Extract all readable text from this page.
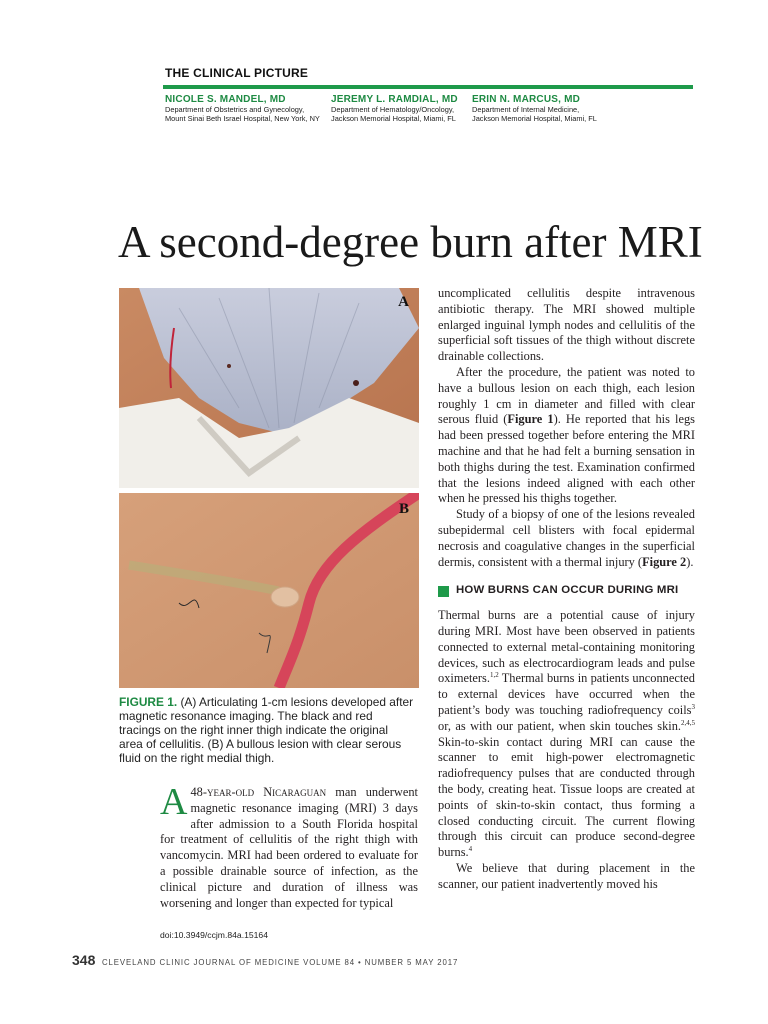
THE CLINICAL PICTURE
NICOLE S. MANDEL, MD
Department of Obstetrics and Gynecology,
Mount Sinai Beth Israel Hospital, New York, NY
JEREMY L. RAMDIAL, MD
Department of Hematology/Oncology,
Jackson Memorial Hospital, Miami, FL
ERIN N. MARCUS, MD
Department of Internal Medicine,
Jackson Memorial Hospital, Miami, FL
A second-degree burn after MRI
A
B
FIGURE 1. (A) Articulating 1-cm lesions developed after magnetic resonance imaging. The black and red tracings on the right inner thigh indicate the original area of cellulitis. (B) A bullous lesion with clear serous fluid on the right medial thigh.

A 48-year-old Nicaraguan man underwent magnetic resonance imaging (MRI) 3 days after admission to a South Florida hospital for treatment of cellulitis of the right thigh with vancomycin. MRI had been ordered to evaluate for a possible drainable source of infection, as the clinical picture and duration of illness was worsening and longer than expected for typical

doi:10.3949/ccjm.84a.15164

uncomplicated cellulitis despite intravenous antibiotic therapy. The MRI showed multiple enlarged inguinal lymph nodes and cellulitis of the superficial soft tissues of the thigh without discrete drainable collections.

After the procedure, the patient was noted to have a bullous lesion on each thigh, each lesion roughly 1 cm in diameter and filled with clear serous fluid (Figure 1). He reported that his legs had been pressed together before entering the MRI machine and that he had felt a burning sensation in both thighs during the test. Examination confirmed that the lesions indeed aligned with each other when he pressed his thighs together.

Study of a biopsy of one of the lesions revealed subepidermal cell blisters with focal epidermal necrosis and coagulative changes in the superficial dermis, consistent with a thermal injury (Figure 2).

HOW BURNS CAN OCCUR DURING MRI

Thermal burns are a potential cause of injury during MRI. Most have been observed in patients connected to external metal-containing monitoring devices, such as electrocardiogram leads and pulse oximeters.$^{1,2}$ Thermal burns in patients unconnected to external devices have occurred when the patient’s body was touching radiofrequency coils$^3$ or, as with our patient, when skin touches skin.$^{2,4,5}$ Skin-to-skin contact during MRI can cause the scanner to emit high-power electromagnetic radiofrequency pulses that are conducted through the body, creating heat. Tissue loops are created at points of skin-to-skin contact, thus forming a closed conducting circuit. The current flowing through this circuit can produce second-degree burns.$^4$

We believe that during placement in the scanner, our patient inadvertently moved his

348 CLEVELAND CLINIC JOURNAL OF MEDICINE VOLUME 84 • NUMBER 5 MAY 2017
